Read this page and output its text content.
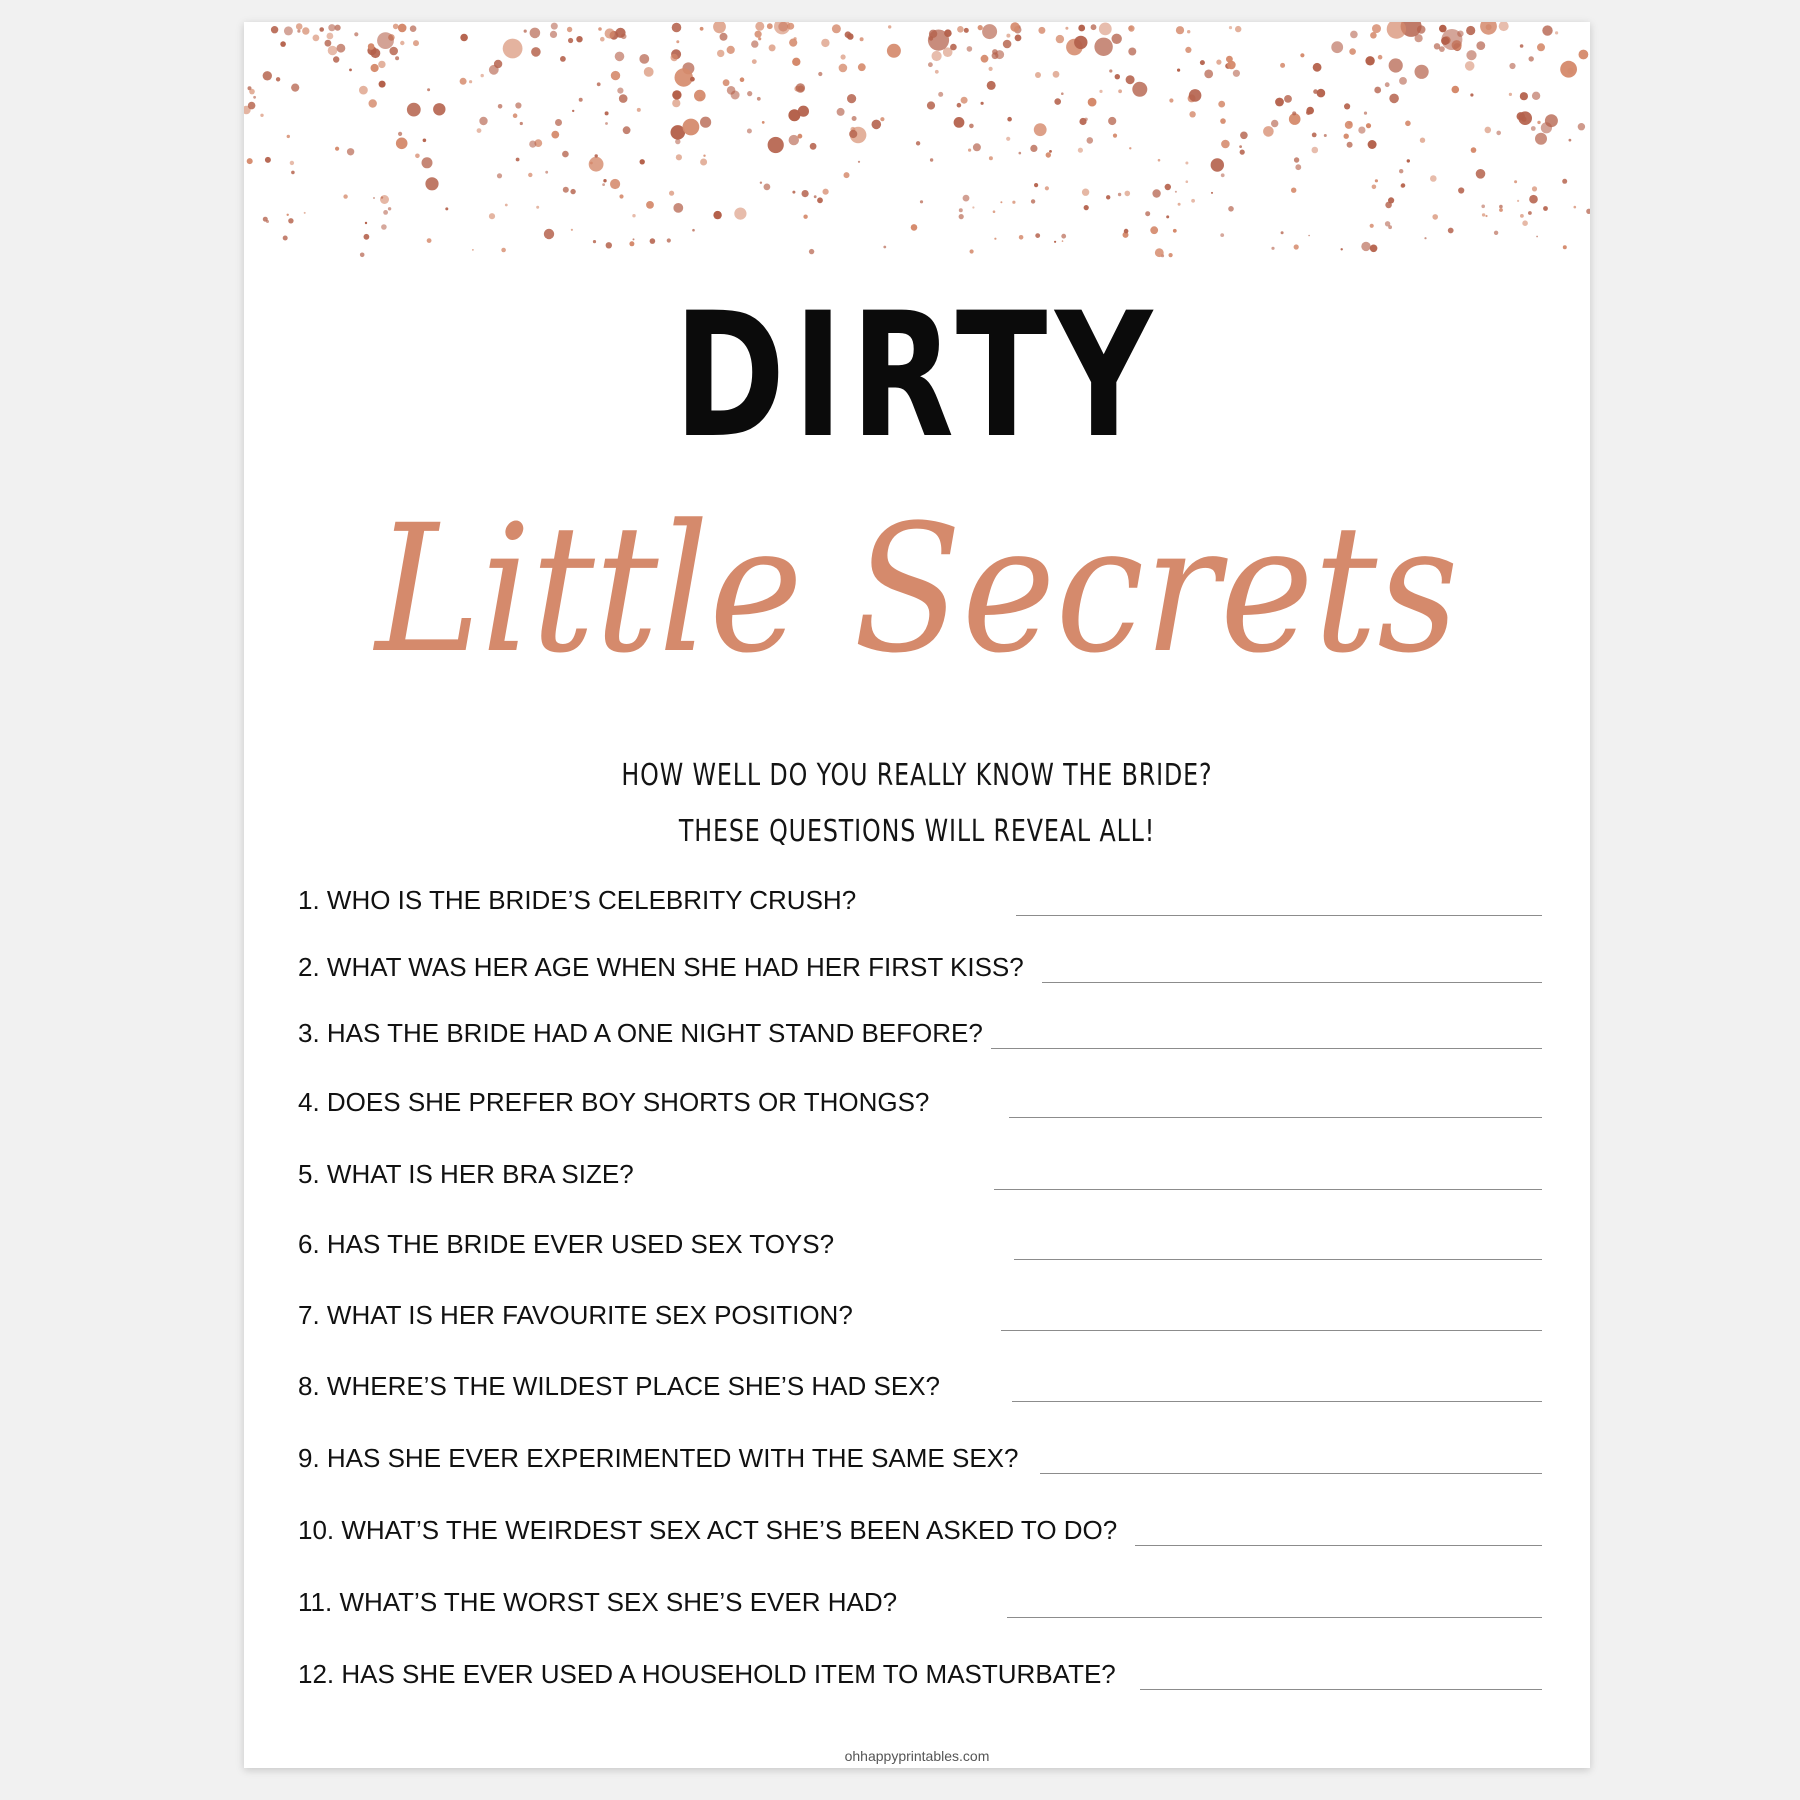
DIRTY
Little Secrets
HOW WELL DO YOU REALLY KNOW THE BRIDE?
THESE QUESTIONS WILL REVEAL ALL!
1. WHO IS THE BRIDE’S CELEBRITY CRUSH?
2. WHAT WAS HER AGE WHEN SHE HAD HER FIRST KISS?
3. HAS THE BRIDE HAD A ONE NIGHT STAND BEFORE?
4. DOES SHE PREFER BOY SHORTS OR THONGS?
5. WHAT IS HER BRA SIZE?
6. HAS THE BRIDE EVER USED SEX TOYS?
7. WHAT IS HER FAVOURITE SEX POSITION?
8. WHERE’S THE WILDEST PLACE SHE’S HAD SEX?
9. HAS SHE EVER EXPERIMENTED WITH THE SAME SEX?
10. WHAT’S THE WEIRDEST SEX ACT SHE’S BEEN ASKED TO DO?
11. WHAT’S THE WORST SEX SHE’S EVER HAD?
12. HAS SHE EVER USED A HOUSEHOLD ITEM TO MASTURBATE?
ohhappyprintables.com
